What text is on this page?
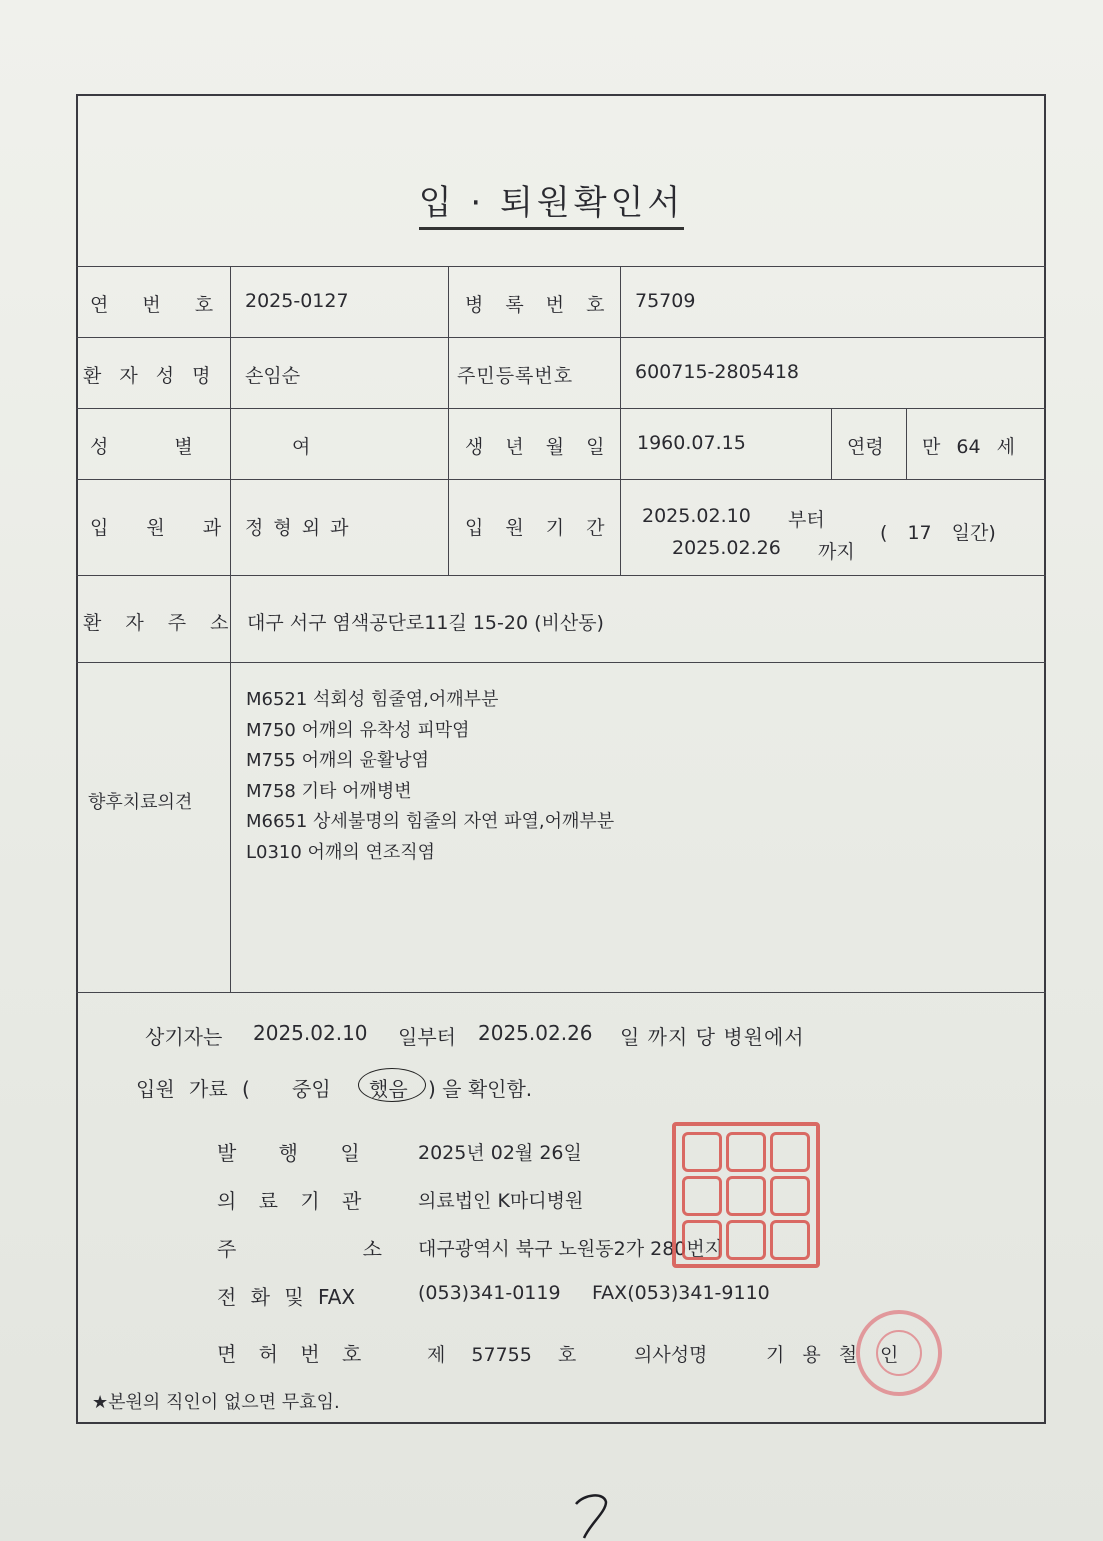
입 · 퇴원확인서
연 번 호 2025-0127	병 록 번 호 75709
환 자 성 명 손임순	주민등록번호	600715-2805418
성 별	여	생 년 월 일 1960.07.15	연령 만 64 세
입 원 과 정 형 외 과	입 원 기 간
2025.02.10 부터
2025.02.26 까지
( 17 일간)
환 자 주 소 대구 서구 염색공단로11길 15-20 (비산동)
향후치료의견
M6521 석회성 힘줄염,어깨부분
M750 어깨의 유착성 피막염
M755 어깨의 윤활낭염
M758 기타 어깨병변
M6651 상세불명의 힘줄의 자연 파열,어깨부분
L0310 어깨의 연조직염
상기자는 2025.02.10 일부터 2025.02.26 일 까지 당 병원에서
입원 가료 ( 중임 했음 ) 을 확인함.
발 행 일	2025년 02월 26일
의 료 기 관	의료법인 K마디병원
주 소 대구광역시 북구 노원동2가 280번지
전 화 및 FAX	(053)341-0119 FAX(053)341-9110
면 허 번 호	제 57755 호	의사성명	기 용 철 인
★본원의 직인이 없으면 무효임.
